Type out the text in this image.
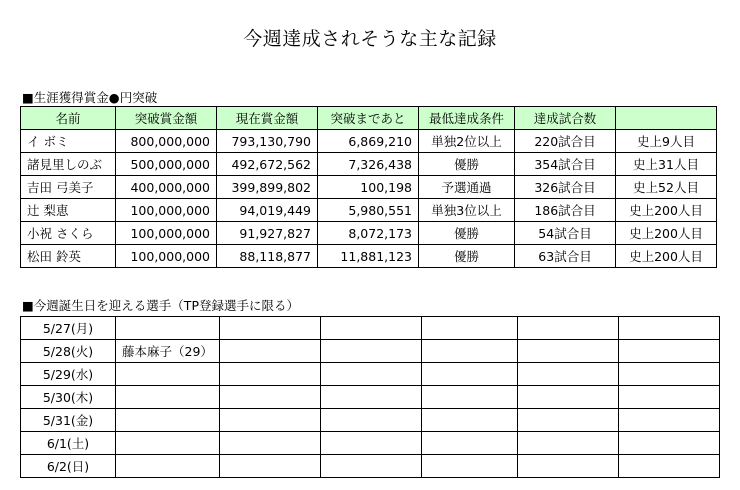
今週達成されそうな主な記録
■生涯獲得賞金●円突破
名前	突破賞金額	現在賞金額	突破まであと	最低達成条件	達成試合数	
イ ボミ	800,000,000	793,130,790	6,869,210	単独2位以上	220試合目	史上9人目
諸見里しのぶ	500,000,000	492,672,562	7,326,438	優勝	354試合目	史上31人目
吉田 弓美子	400,000,000	399,899,802	100,198	予選通過	326試合目	史上52人目
辻 梨恵	100,000,000	94,019,449	5,980,551	単独3位以上	186試合目	史上200人目
小祝 さくら	100,000,000	91,927,827	8,072,173	優勝	54試合目	史上200人目
松田 鈴英	100,000,000	88,118,877	11,881,123	優勝	63試合目	史上200人目
■今週誕生日を迎える選手（TP登録選手に限る）
5/27(月)						
5/28(火)	藤本麻子（29）					
5/29(水)						
5/30(木)						
5/31(金)						
6/1(土)						
6/2(日)						
